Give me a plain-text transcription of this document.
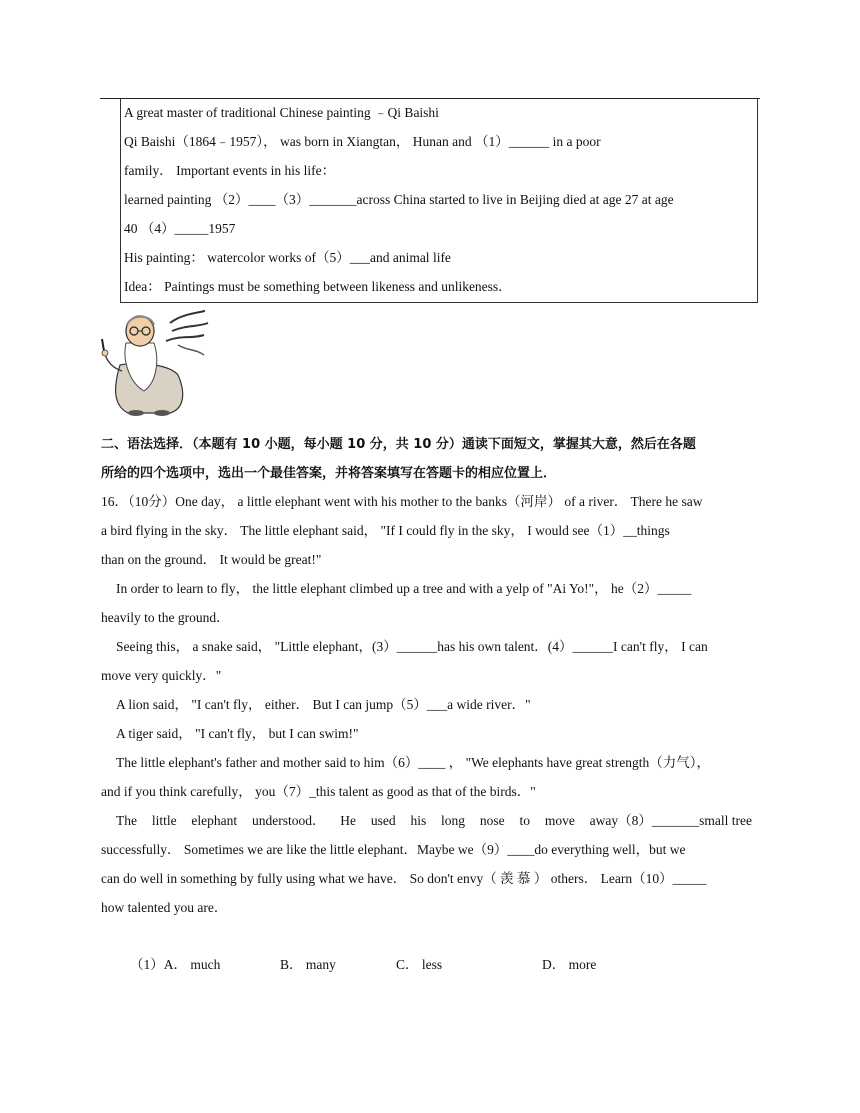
A great master of traditional Chinese painting ﹣Qi Baishi
Qi Baishi（1864﹣1957）， was born in Xiangtan， Hunan and （1）______ in a poor
family． Important events in his life：
learned painting （2）____（3）_______across China started to live in Beijing died at age 27 at age
40 （4）_____1957
His painting： watercolor works of（5）___and animal life
Idea： Paintings must be something between likeness and unlikeness．
二、语法选择．（本题有 10 小题，每小题 10 分，共 10 分）通读下面短文，掌握其大意，然后在各题
所给的四个选项中，选出一个最佳答案，并将答案填写在答题卡的相应位置上．
16．（10分）One day， a little elephant went with his mother to the banks（河岸） of a river． There he saw
a bird flying in the sky． The little elephant said， "If I could fly in the sky， I would see（1）__things
than on the ground． It would be great!"
In order to learn to fly， the little elephant climbed up a tree and with a yelp of "Ai Yo!"， he（2）_____
heavily to the ground．
Seeing this， a snake said， "Little elephant，(3）______has his own talent．(4）______I can't fly， I can
move very quickly．"
A lion said， "I can't fly， either． But I can jump（5）___a wide river．"
A tiger said， "I can't fly， but I can swim!"
The little elephant's father and mother said to him（6）____ ， "We elephants have great strength（力气），
and if you think carefully， you（7）_this talent as good as that of the birds．"
The little elephant understood． He used his long nose to move away（8）_______small tree
successfully． Sometimes we are like the little elephant．Maybe we（9）____do everything well，but we
can do well in something by fully using what we have． So don't envy（ 羡 慕 ） others． Learn（10）_____
how talented you are．
（1）A． much	B． many	C． less	D． more
